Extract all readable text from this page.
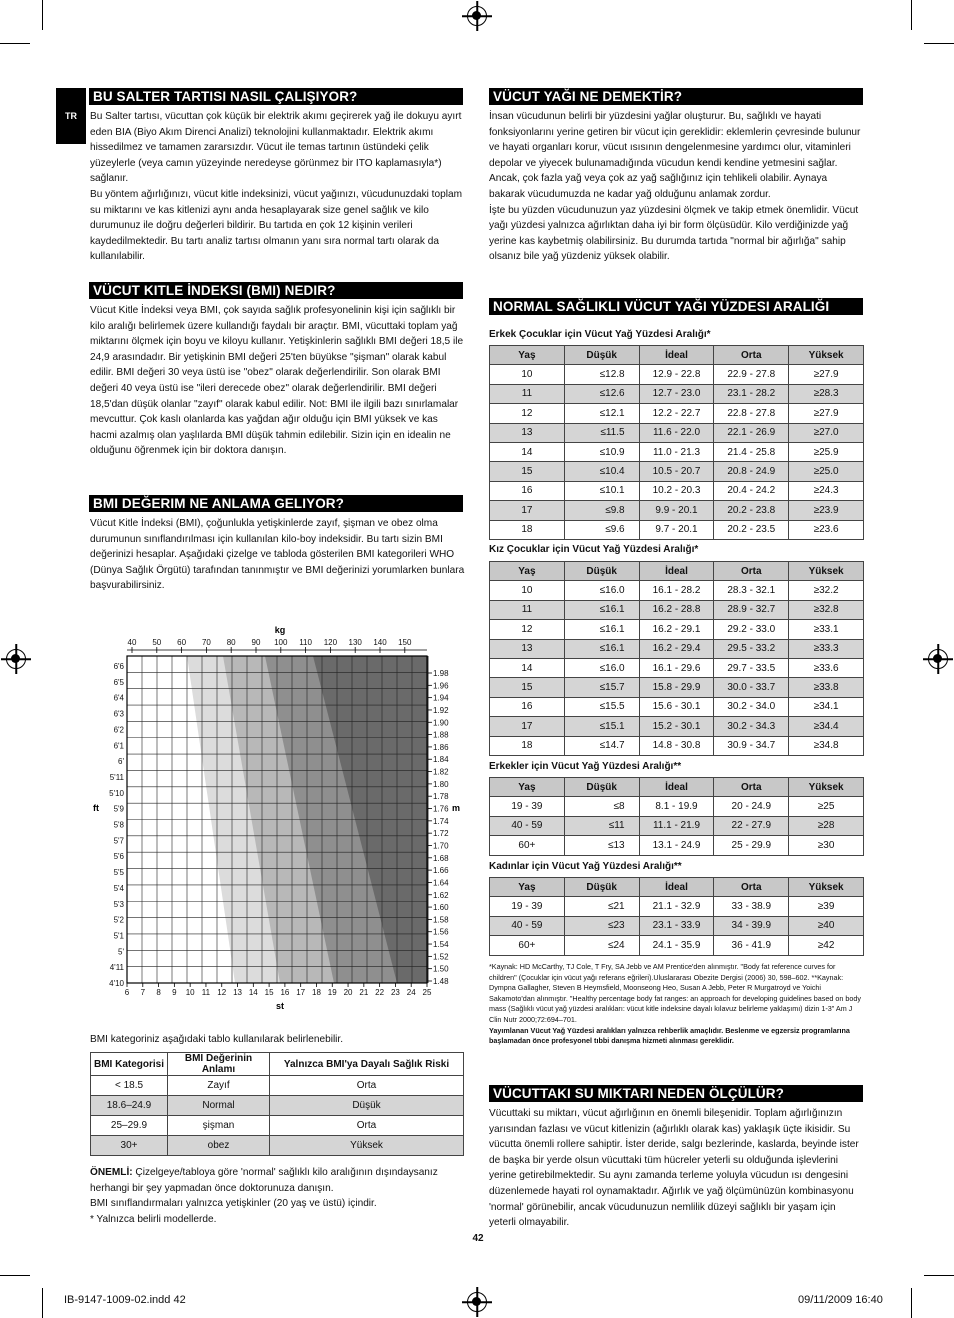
TR
BU SALTER TARTISI NASIL ÇALIŞIYOR?

Bu Salter tartısı, vücuttan çok küçük bir elektrik akımı geçirerek yağ ile dokuyu ayırt eden BIA (Biyo Akım Direnci Analizi) teknolojini kullanmaktadır. Elektrik akımı hissedilmez ve tamamen zararsızdır. Vücut ile temas tartının üstündeki çelik yüzeylerle (veya camın yüzeyinde neredeyse görünmez bir ITO kaplamasıyla*) sağlanır.

Bu yöntem ağırlığınızı, vücut kitle indeksinizi, vücut yağınızı, vücudunuzdaki toplam su miktarını ve kas kitlenizi aynı anda hesaplayarak size genel sağlık ve kilo durumunuz ile doğru değerleri bildirir. Bu tartıda en çok 12 kişinin verileri kaydedilmektedir. Bu tartı analiz tartısı olmanın yanı sıra normal tartı olarak da kullanılabilir.

VÜCUT KITLE İNDEKSI (BMI) NEDIR?

Vücut Kitle İndeksi veya BMI, çok sayıda sağlık profesyonelinin kişi için sağlıklı bir kilo aralığı belirlemek üzere kullandığı faydalı bir araçtır. BMI, vücuttaki toplam yağ miktarını ölçmek için boyu ve kiloyu kullanır. Yetişkinlerin sağlıklı BMI değeri 18,5 ile 24,9 arasındadır. Bir yetişkinin BMI değeri 25'ten büyükse "şişman" olarak kabul edilir. BMI değeri 30 veya üstü ise "obez" olarak değerlendirilir. Son olarak BMI değeri 40 veya üstü ise "ileri derecede obez" olarak değerlendirilir. BMI değeri 18,5'dan düşük olanlar "zayıf" olarak kabul edilir. Not: BMI ile ilgili bazı sınırlamalar mevcuttur. Çok kaslı olanlarda kas yağdan ağır olduğu için BMI yüksek ve kas hacmi azalmış olan yaşlılarda BMI düşük tahmin edilebilir. Sizin için en idealin ne olduğunu öğrenmek için bir doktora danışın.

BMI DEĞERIM NE ANLAMA GELIYOR?

Vücut Kitle İndeksi (BMI), çoğunlukla yetişkinlerde zayıf, şişman ve obez olma durumunun sınıflandırılması için kullanılan kilo-boy indeksidir. Bu tartı sizin BMI değerinizi hesaplar. Aşağıdaki çizelge ve tabloda gösterilen BMI kategorileri WHO (Dünya Sağlık Örgütü) tarafından tanınmıştır ve BMI değerinizi yorumlarken bunlara başvurabilirsiniz.

40 50 60 70 80 90 100 110 120 130 140 150
6 7 8 9 10 11 12 13 14 15 16 17 18 19 20 21 22 23 24 25
6'6
6'5
6'4
6'3
6'2
6'1
6'
5'11
5'10
5'9
5'8
5'7
5'6
5'5
5'4
5'3
5'2
5'1
5'
4'11
4'10
1.98
1.96
1.94
1.92
1.90
1.88
1.86
1.84
1.82
1.80
1.78
1.76
1.74
1.72
1.70
1.68
1.66
1.64
1.62
1.60
1.58
1.56
1.54
1.52
1.50
1.48
kg
st
ft	m
BMI kategoriniz aşağıdaki tablo kullanılarak belirlenebilir.
BMI Kategorisi	BMI Değerinin Anlamı	Yalnızca BMI'ya Dayalı Sağlık Riski
< 18.5	Zayıf	Orta
18.6–24.9	Normal	Düşük
25–29.9	şişman	Orta
30+	obez	Yüksek

ÖNEMLİ: Çizelgeye/tabloya göre 'normal' sağlıklı kilo aralığının dışındaysanız herhangi bir şey yapmadan önce doktorunuza danışın.

BMI sınıflandırmaları yalnızca yetişkinler (20 yaş ve üstü) içindir.

* Yalnızca belirli modellerde.

VÜCUT YAĞI NE DEMEKTİR?

İnsan vücudunun belirli bir yüzdesini yağlar oluşturur. Bu, sağlıklı ve hayati fonksiyonlarını yerine getiren bir vücut için gereklidir: eklemlerin çevresinde bulunur ve hayati organları korur, vücut ısısının dengelenmesine yardımcı olur, vitaminleri depolar ve yiyecek bulunamadığında vücudun kendi kendine yetmesini sağlar. Ancak, çok fazla yağ veya çok az yağ sağlığınız için tehlikeli olabilir. Aynaya bakarak vücudumuzda ne kadar yağ olduğunu anlamak zordur.

İşte bu yüzden vücudunuzun yaz yüzdesini ölçmek ve takip etmek önemlidir. Vücut yağı yüzdesi yalnızca ağırlıktan daha iyi bir form ölçüsüdür. Kilo verdiğinizde yağ yerine kas kaybetmiş olabilirsiniz. Bu durumda tartıda "normal bir ağırlığa" sahip olsanız bile yağ yüzdeniz yüksek olabilir.

NORMAL SAĞLIKLI VÜCUT YAĞI YÜZDESI ARALIĞI
Erkek Çocuklar için Vücut Yağ Yüzdesi Aralığı*
Yaş	Düşük	İdeal	Orta	Yüksek
10	≤12.8	12.9 - 22.8	22.9 - 27.8	≥27.9
11	≤12.6	12.7 - 23.0	23.1 - 28.2	≥28.3
12	≤12.1	12.2 - 22.7	22.8 - 27.8	≥27.9
13	≤11.5	11.6 - 22.0	22.1 - 26.9	≥27.0
14	≤10.9	11.0 - 21.3	21.4 - 25.8	≥25.9
15	≤10.4	10.5 - 20.7	20.8 - 24.9	≥25.0
16	≤10.1	10.2 - 20.3	20.4 - 24.2	≥24.3
17	≤9.8	9.9 - 20.1	20.2 - 23.8	≥23.9
18	≤9.6	9.7 - 20.1	20.2 - 23.5	≥23.6
Kız Çocuklar için Vücut Yağ Yüzdesi Aralığı*
Yaş	Düşük	İdeal	Orta	Yüksek
10	≤16.0	16.1 - 28.2	28.3 - 32.1	≥32.2
11	≤16.1	16.2 - 28.8	28.9 - 32.7	≥32.8
12	≤16.1	16.2 - 29.1	29.2 - 33.0	≥33.1
13	≤16.1	16.2 - 29.4	29.5 - 33.2	≥33.3
14	≤16.0	16.1 - 29.6	29.7 - 33.5	≥33.6
15	≤15.7	15.8 - 29.9	30.0 - 33.7	≥33.8
16	≤15.5	15.6 - 30.1	30.2 - 34.0	≥34.1
17	≤15.1	15.2 - 30.1	30.2 - 34.3	≥34.4
18	≤14.7	14.8 - 30.8	30.9 - 34.7	≥34.8
Erkekler için Vücut Yağ Yüzdesi Aralığı**
Yaş	Düşük	İdeal	Orta	Yüksek
19 - 39	≤8	8.1 - 19.9	20 - 24.9	≥25
40 - 59	≤11	11.1 - 21.9	22 - 27.9	≥28
60+	≤13	13.1 - 24.9	25 - 29.9	≥30
Kadınlar için Vücut Yağ Yüzdesi Aralığı**
Yaş	Düşük	İdeal	Orta	Yüksek
19 - 39	≤21	21.1 - 32.9	33 - 38.9	≥39
40 - 59	≤23	23.1 - 33.9	34 - 39.9	≥40
60+	≤24	24.1 - 35.9	36 - 41.9	≥42

*Kaynak: HD McCarthy, TJ Cole, T Fry, SA Jebb ve AM Prentice'den alınmıştır. "Body fat reference curves for children" (Çocuklar için vücut yağı referans eğrileri).Uluslararası Obezite Dergisi (2006) 30, 598–602. **Kaynak: Dympna Gallagher, Steven B Heymsfield, Moonseong Heo, Susan A Jebb, Peter R Murgatroyd ve Yoichi Sakamoto'dan alınmıştır. "Healthy percentage body fat ranges: an approach for developing guidelines based on body mass (Sağlıklı vücut yağ yüzdesi aralıkları: vücut kitle indeksine dayalı kılavuz belirleme yaklaşımı) dizin 1-3" Am J Clin Nutr 2000;72:694–701.

Yayımlanan Vücut Yağ Yüzdesi aralıkları yalnızca rehberlik amaçlıdır. Beslenme ve egzersiz programlarına başlamadan önce profesyonel tıbbi danışma hizmeti alınması gereklidir.

VÜCUTTAKI SU MIKTARI NEDEN ÖLÇÜLÜR?

Vücuttaki su miktarı, vücut ağırlığının en önemli bileşenidir. Toplam ağırlığınızın yarısından fazlası ve vücut kitlenizin (ağırlıklı olarak kas) yaklaşık üçte ikisidir. Su vücutta önemli rollere sahiptir. İster deride, salgı bezlerinde, kaslarda, beyinde ister de başka bir yerde olsun vücuttaki tüm hücreler yeterli su olduğunda işlevlerini yerine getirebilmektedir. Su aynı zamanda terleme yoluyla vücudun ısı dengesini düzenlemede hayati rol oynamaktadır. Ağırlık ve yağ ölçümünüzün kombinasyonu 'normal' görünebilir, ancak vücudunuzun nemlilik düzeyi sağlıklı bir yaşam için yeterli olmayabilir.

42
IB-9147-1009-02.indd 42	09/11/2009 16:40
